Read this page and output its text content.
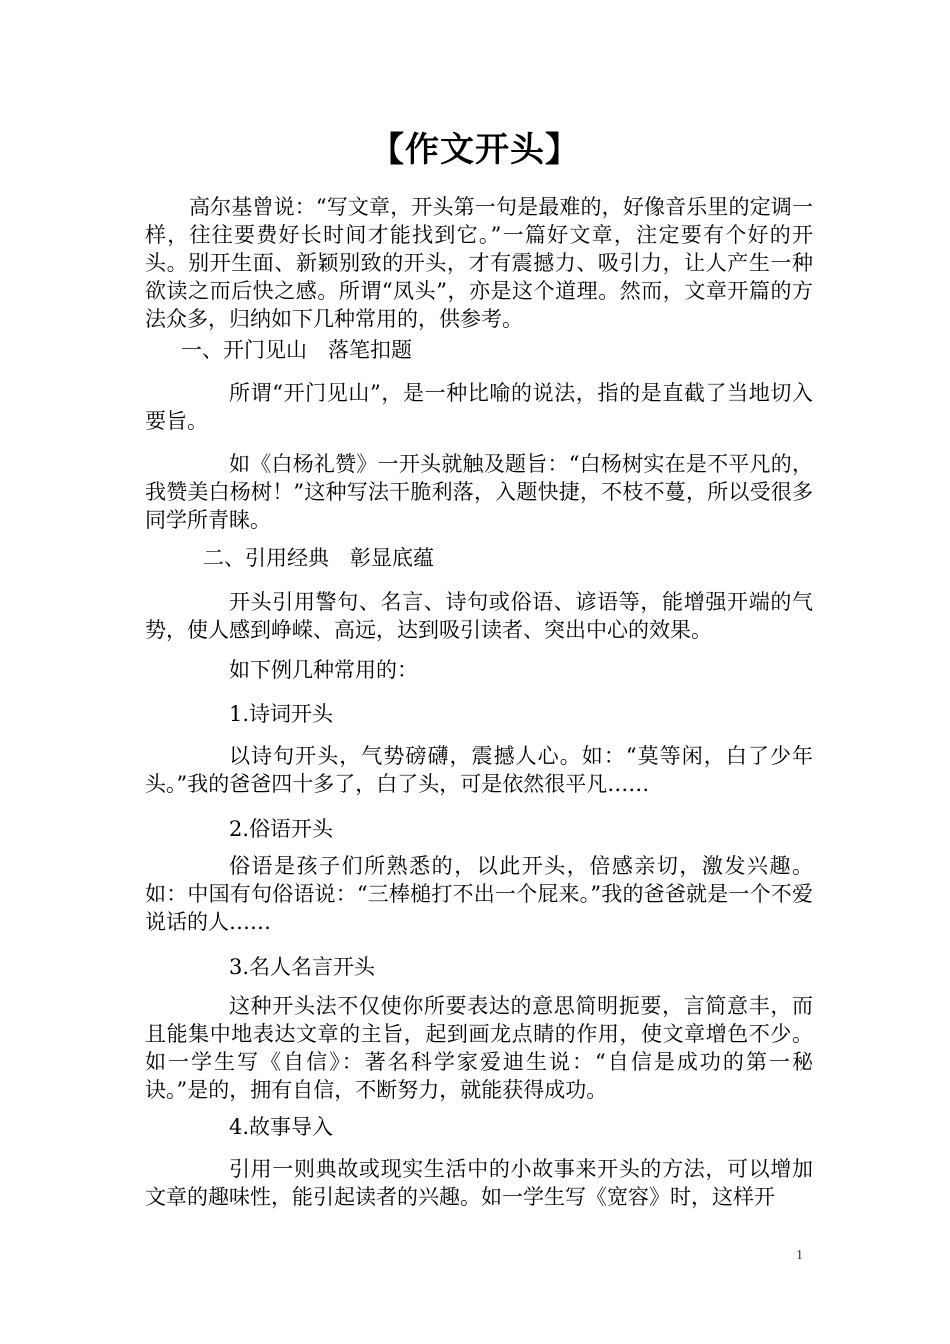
【作文开头】

高尔基曾说：“写文章，开头第一句是最难的，好像音乐里的定调一样，往往要费好长时间才能找到它。”一篇好文章，注定要有个好的开头。别开生面、新颖别致的开头，才有震撼力、吸引力，让人产生一种欲读之而后快之感。所谓“凤头”，亦是这个道理。然而，文章开篇的方法众多，归纳如下几种常用的，供参考。

一、开门见山　落笔扣题

所谓“开门见山”，是一种比喻的说法，指的是直截了当地切入要旨。

如《白杨礼赞》一开头就触及题旨：“白杨树实在是不平凡的，我赞美白杨树！”这种写法干脆利落，入题快捷，不枝不蔓，所以受很多同学所青睐。

二、引用经典　彰显底蕴

开头引用警句、名言、诗句或俗语、谚语等，能增强开端的气势，使人感到峥嵘、高远，达到吸引读者、突出中心的效果。

如下例几种常用的：

1.诗词开头

以诗句开头，气势磅礴，震撼人心。如：“莫等闲，白了少年头。”我的爸爸四十多了，白了头，可是依然很平凡……

2.俗语开头

俗语是孩子们所熟悉的，以此开头，倍感亲切，激发兴趣。如：中国有句俗语说：“三棒槌打不出一个屁来。”我的爸爸就是一个不爱说话的人……

3.名人名言开头

这种开头法不仅使你所要表达的意思简明扼要，言简意丰，而且能集中地表达文章的主旨，起到画龙点睛的作用，使文章增色不少。如一学生写《自信》：著名科学家爱迪生说：“自信是成功的第一秘诀。”是的，拥有自信，不断努力，就能获得成功。

4.故事导入

引用一则典故或现实生活中的小故事来开头的方法，可以增加文章的趣味性，能引起读者的兴趣。如一学生写《宽容》时，这样开

1
